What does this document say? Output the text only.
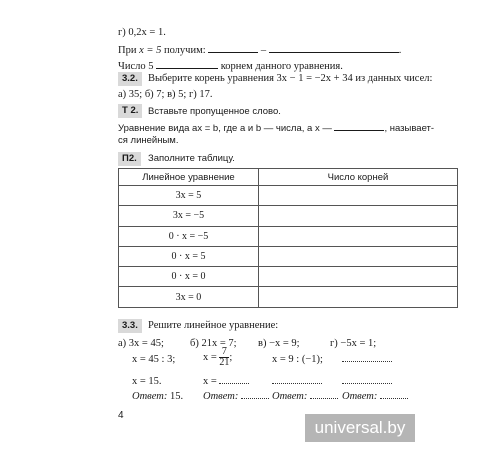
г) 0,2x = 1.
При x = 5 получим:	–	.
Число 5	корнем данного уравнения.
3.2. Выберите корень уравнения 3x − 1 = −2x + 34 из данных чисел:
а) 35; б) 7; в) 5; г) 17.
Т 2.	Вставьте пропущенное слово.
Уравнение вида ax = b, где a и b — числа, а x —	, называет-
ся линейным.
П2.	Заполните таблицу.
Линейное уравнение	Число корней
3x = 5	
3x = −5	
0 · x = −5	
0 · x = 5	
0 · x = 0	
3x = 0	
3.3. Решите линейное уравнение:
а) 3x = 45;
x = 45 : 3;
x = 15.
Ответ: 15.
б) 21x = 7;
$x = \frac{7}{21}$ ;
x =
Ответ:
в) −x = 9;
x = 9 : (−1);
Ответ:
г) −5x = 1;
Ответ:
4
universal.by
